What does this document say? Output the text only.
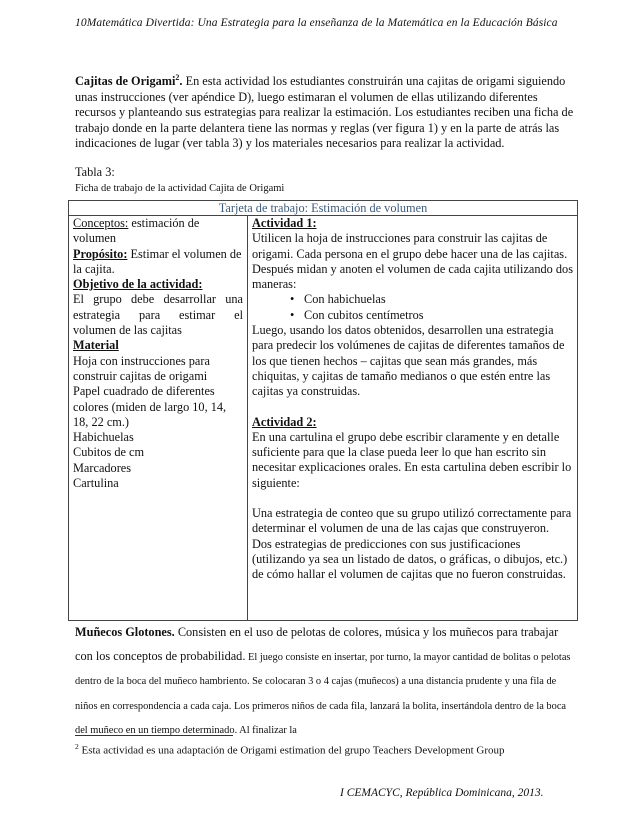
10Matemática Divertida: Una Estrategia para la enseñanza de la Matemática en la Educación Básica
Cajitas de Origami$^2$. En esta actividad los estudiantes construirán una cajitas de origami siguiendo unas instrucciones (ver apéndice D), luego estimaran el volumen de ellas utilizando diferentes recursos y planteando sus estrategias para realizar la estimación. Los estudiantes reciben una ficha de trabajo donde en la parte delantera tiene las normas y reglas (ver figura 1) y en la parte de atrás las indicaciones de lugar (ver tabla 3) y los materiales necesarios para realizar la actividad.
Tabla 3:
Ficha de trabajo de la actividad Cajita de Origami
Tarjeta de trabajo: Estimación de volumen

Conceptos: estimación de volumen
Propósito: Estimar el volumen de la cajita.
Objetivo de la actividad:
El grupo debe desarrollar una
estrategia para estimar el
volumen de las cajitas
Material
Hoja con instrucciones para construir cajitas de origami
Papel cuadrado de diferentes colores (miden de largo 10, 14, 18, 22 cm.)
Habichuelas
Cubitos de cm
Marcadores
Cartulina

Actividad 1:
Utilicen la hoja de instrucciones para construir las cajitas de origami. Cada persona en el grupo debe hacer una de las cajitas. Después midan y anoten el volumen de cada cajita utilizando dos maneras:
• Con habichuelas
• Con cubitos centímetros
Luego, usando los datos obtenidos, desarrollen una estrategia para predecir los volúmenes de cajitas de diferentes tamaños de los que tienen hechos – cajitas que sean más grandes, más chiquitas, y cajitas de tamaño medianos o que estén entre las cajitas ya construidas.
Actividad 2:
En una cartulina el grupo debe escribir claramente y en detalle suficiente para que la clase pueda leer lo que han escrito sin necesitar explicaciones orales. En esta cartulina deben escribir lo siguiente:
Una estrategia de conteo que su grupo utilizó correctamente para determinar el volumen de una de las cajas que construyeron.
Dos estrategias de predicciones con sus justificaciones (utilizando ya sea un listado de datos, o gráficas, o dibujos, etc.) de cómo hallar el volumen de cajitas que no fueron construidas.
Muñecos Glotones. Consisten en el uso de pelotas de colores, música y los muñecos para trabajar con los conceptos de probabilidad. El juego consiste en insertar, por turno, la mayor cantidad de bolitas o pelotas dentro de la boca del muñeco hambriento. Se colocaran 3 o 4 cajas (muñecos) a una distancia prudente y una fila de niños en correspondencia a cada caja. Los primeros niños de cada fila, lanzará la bolita, insertándola dentro de la boca del muñeco en un tiempo determinado. Al finalizar la
$^2$ Esta actividad es una adaptación de Origami estimation del grupo Teachers Development Group
I CEMACYC, República Dominicana, 2013.
